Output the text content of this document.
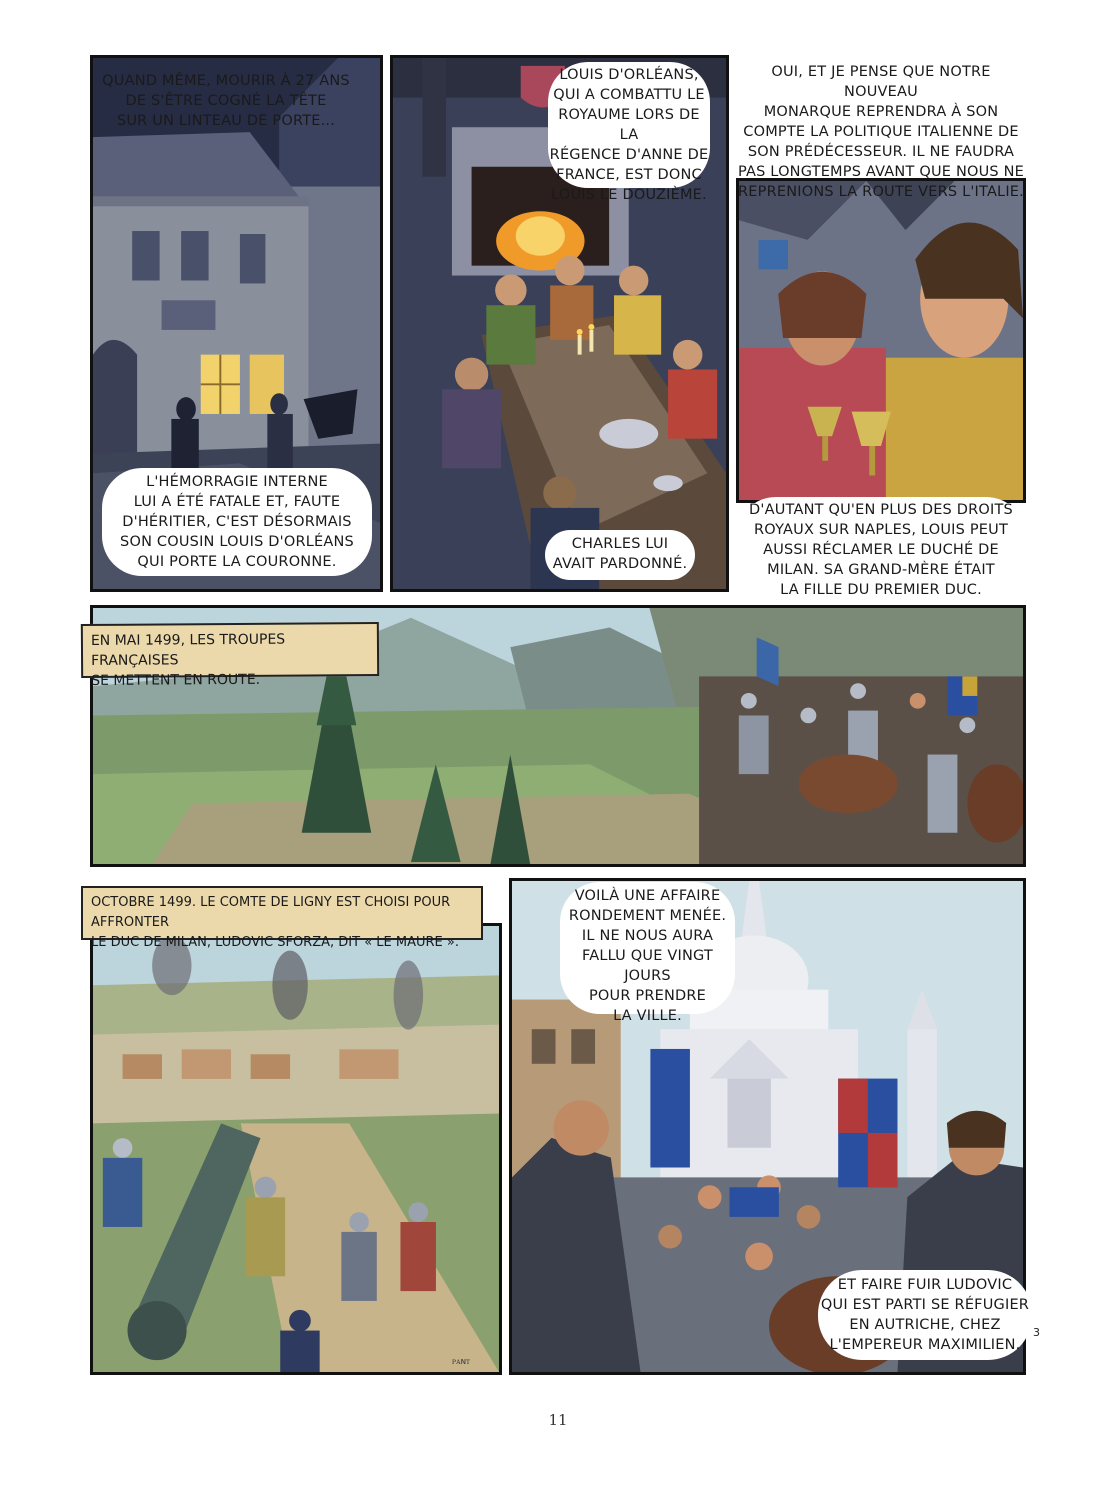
QUAND MÊME, MOURIR À 27 ANS
DE S'ÊTRE COGNÉ LA TÊTE
SUR UN LINTEAU DE PORTE...
L'HÉMORRAGIE INTERNE
LUI A ÉTÉ FATALE ET, FAUTE
D'HÉRITIER, C'EST DÉSORMAIS
SON COUSIN LOUIS D'ORLÉANS
QUI PORTE LA COURONNE.
LOUIS D'ORLÉANS,
QUI A COMBATTU LE
ROYAUME LORS DE LA
RÉGENCE D'ANNE DE
FRANCE, EST DONC
LOUIS LE DOUZIÈME.
CHARLES LUI
AVAIT PARDONNÉ.
OUI, ET JE PENSE QUE NOTRE NOUVEAU
MONARQUE REPRENDRA À SON
COMPTE LA POLITIQUE ITALIENNE DE
SON PRÉDÉCESSEUR. IL NE FAUDRA
PAS LONGTEMPS AVANT QUE NOUS NE
REPRENIONS LA ROUTE VERS L'ITALIE.
D'AUTANT QU'EN PLUS DES DROITS
ROYAUX SUR NAPLES, LOUIS PEUT
AUSSI RÉCLAMER LE DUCHÉ DE
MILAN. SA GRAND-MÈRE ÉTAIT
LA FILLE DU PREMIER DUC.
EN MAI 1499, LES TROUPES FRANÇAISES
SE METTENT EN ROUTE.
OCTOBRE 1499. LE COMTE DE LIGNY EST CHOISI POUR AFFRONTER
LE DUC DE MILAN, LUDOVIC SFORZA, DIT « LE MAURE ».
VOILÀ UNE AFFAIRE
RONDEMENT MENÉE.
IL NE NOUS AURA
FALLU QUE VINGT JOURS
POUR PRENDRE
VILLE.
ET FAIRE FUIR LUDOVIC
QUI EST PARTI SE RÉFUGIER
EN AUTRICHE, CHEZ
L'EMPEREUR MAXIMILIEN.
ᴘᴀɴᴛ
3
11
